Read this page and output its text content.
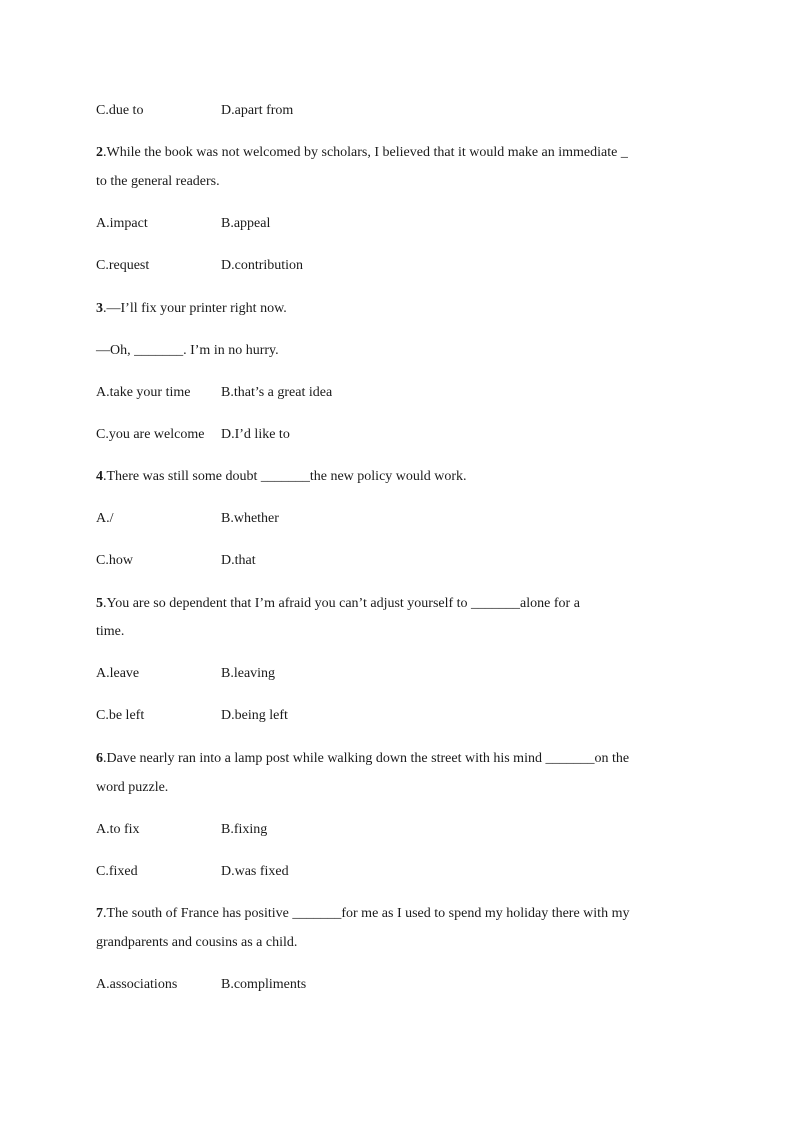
C.due to	D.apart from
2.While the book was not welcomed by scholars, I believed that it would make an immediate _
to the general readers.
A.impact	B.appeal
C.request	D.contribution
3.—I’ll fix your printer right now.
—Oh, _______. I’m in no hurry.
A.take your time B.that’s a great idea
C.you are welcome D.I’d like to
4.There was still some doubt _______the new policy would work.
A./	B.whether
C.how	D.that
5.You are so dependent that I’m afraid you can’t adjust yourself to _______alone for a
time.
A.leave	B.leaving
C.be left	D.being left
6.Dave nearly ran into a lamp post while walking down the street with his mind _______on the
word puzzle.
A.to fix	B.fixing
C.fixed	D.was fixed
7.The south of France has positive _______for me as I used to spend my holiday there with my
grandparents and cousins as a child.
A.associations	B.compliments
